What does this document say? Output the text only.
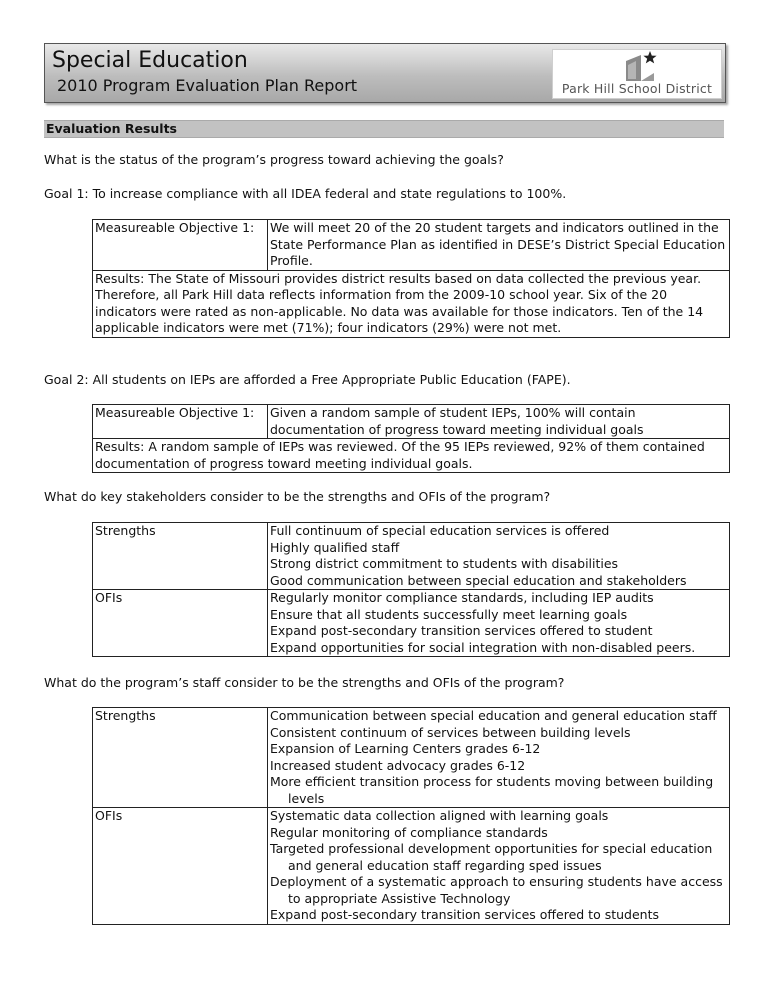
Special Education
2010 Program Evaluation Plan Report	Park Hill School District
Evaluation Results
What is the status of the program’s progress toward achieving the goals?
Goal 1: To increase compliance with all IDEA federal and state regulations to 100%.
Measureable Objective 1:	We will meet 20 of the 20 student targets and indicators outlined in the State Performance Plan as identified in DESE’s District Special Education Profile.
Results: The State of Missouri provides district results based on data collected the previous year. Therefore, all Park Hill data reflects information from the 2009-10 school year. Six of the 20 indicators were rated as non-applicable. No data was available for those indicators. Ten of the 14 applicable indicators were met (71%); four indicators (29%) were not met.
Goal 2: All students on IEPs are afforded a Free Appropriate Public Education (FAPE).
Measureable Objective 1:	Given a random sample of student IEPs, 100% will contain documentation of progress toward meeting individual goals
Results: A random sample of IEPs was reviewed. Of the 95 IEPs reviewed, 92% of them contained documentation of progress toward meeting individual goals.
What do key stakeholders consider to be the strengths and OFIs of the program?
Strengths	Full continuum of special education services is offered
Highly qualified staff
Strong district commitment to students with disabilities
Good communication between special education and stakeholders

OFIs	Regularly monitor compliance standards, including IEP audits
Ensure that all students successfully meet learning goals
Expand post-secondary transition services offered to student
Expand opportunities for social integration with non-disabled peers.
What do the program’s staff consider to be the strengths and OFIs of the program?
Strengths	Communication between special education and general education staff
Consistent continuum of services between building levels
Expansion of Learning Centers grades 6-12
Increased student advocacy grades 6-12
More efficient transition process for students moving between building levels

OFIs	Systematic data collection aligned with learning goals
Regular monitoring of compliance standards
Targeted professional development opportunities for special education and general education staff regarding sped issues
Deployment of a systematic approach to ensuring students have access to appropriate Assistive Technology
Expand post-secondary transition services offered to students
